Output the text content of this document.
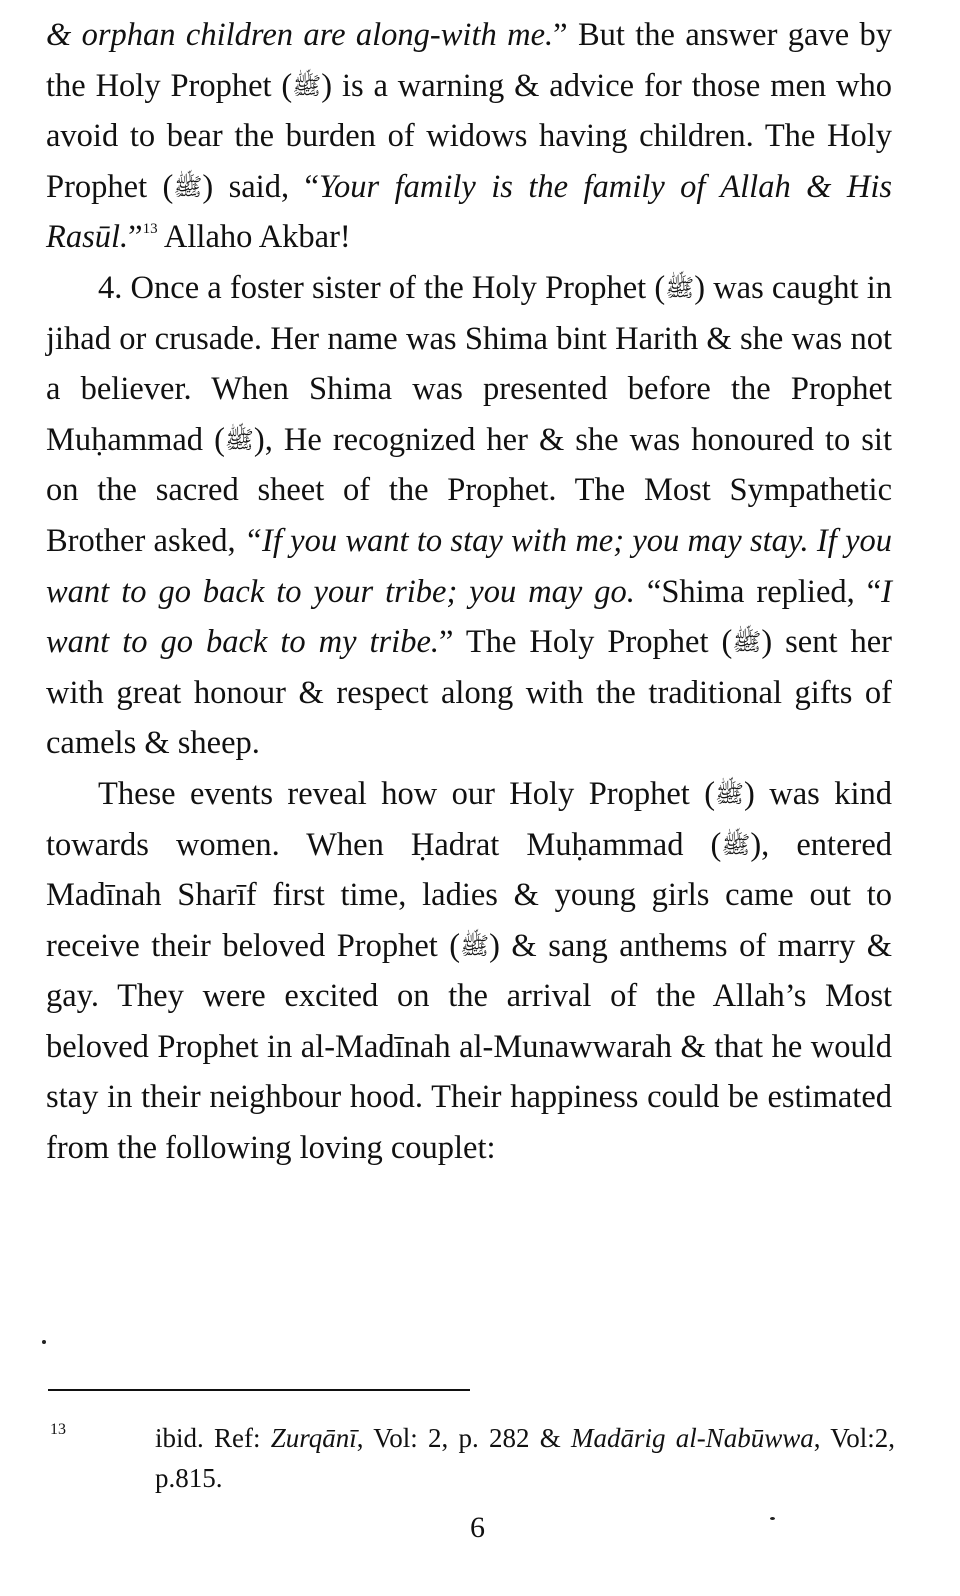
& orphan children are along-with me.” But the answer gave by the Holy Prophet (ﷺ) is a warning & advice for those men who avoid to bear the burden of widows having children. The Holy Prophet (ﷺ) said, “Your family is the family of Allah & His Rasūl.”$^{13}$ Allaho Akbar!

4. Once a foster sister of the Holy Prophet (ﷺ) was caught in jihad or crusade. Her name was Shima bint Harith & she was not a believer. When Shima was presented before the Prophet Muḥammad (ﷺ), He recognized her & she was honoured to sit on the sacred sheet of the Prophet. The Most Sympathetic Brother asked, “If you want to stay with me; you may stay. If you want to go back to your tribe; you may go. “Shima replied, “I want to go back to my tribe.” The Holy Prophet (ﷺ) sent her with great honour & respect along with the traditional gifts of camels & sheep.

These events reveal how our Holy Prophet (ﷺ) was kind towards women. When Ḥadrat Muḥammad (ﷺ), entered Madīnah Sharīf first time, ladies & young girls came out to receive their beloved Prophet (ﷺ) & sang anthems of marry & gay. They were excited on the arrival of the Allah’s Most beloved Prophet in al-Madīnah al-Munawwarah & that he would stay in their neighbour hood. Their happiness could be estimated from the following loving couplet:

13	ibid. Ref: Zurqānī, Vol: 2, p. 282 & Madārig al-Nabūwwa, Vol:2, p.815.
6
